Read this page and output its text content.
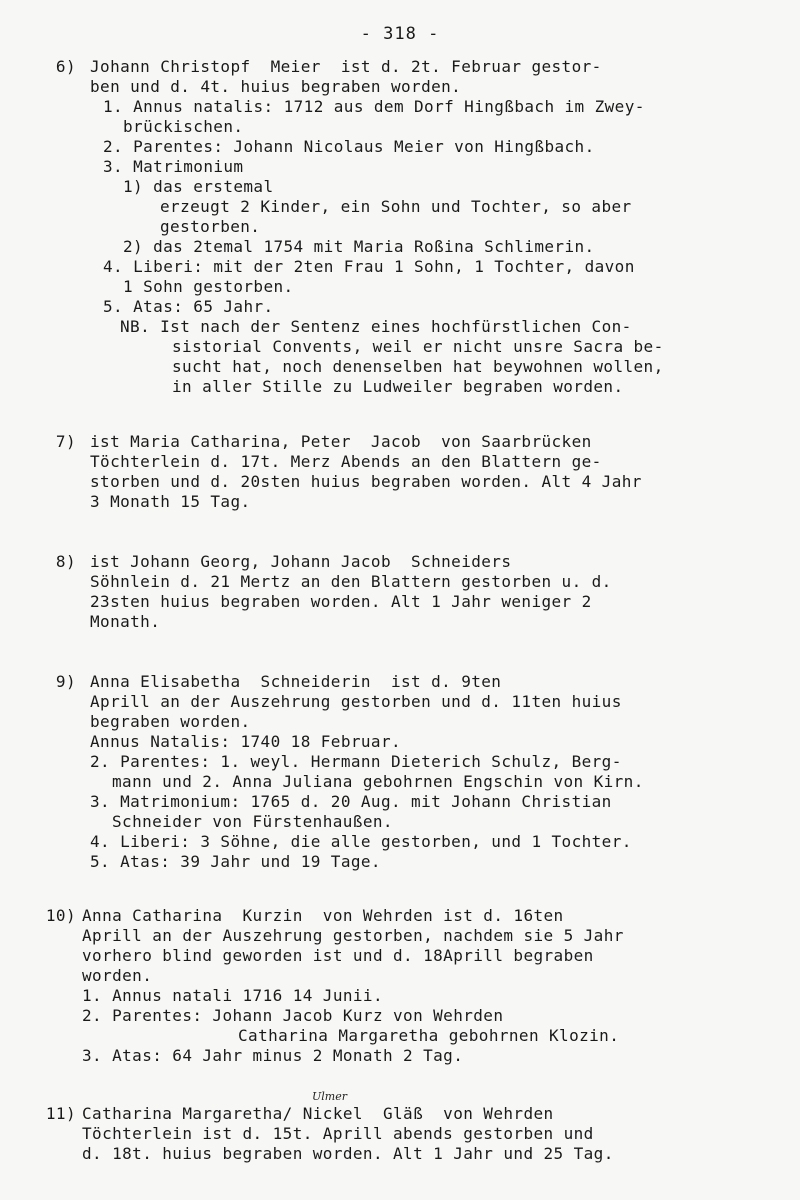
- 318 -
6) Johann Christopf  Meier  ist d. 2t. Februar gestor-
ben und d. 4t. huius begraben worden.
1. Annus natalis: 1712 aus dem Dorf Hingßbach im Zwey-
brückischen.
2. Parentes: Johann Nicolaus Meier von Hingßbach.
3. Matrimonium
1) das erstemal
erzeugt 2 Kinder, ein Sohn und Tochter, so aber
gestorben.
2) das 2temal 1754 mit Maria Roßina Schlimerin.
4. Liberi: mit der 2ten Frau 1 Sohn, 1 Tochter, davon
1 Sohn gestorben.
5. Atas: 65 Jahr.
NB. Ist nach der Sentenz eines hochfürstlichen Con-
sistorial Convents, weil er nicht unsre Sacra be-
sucht hat, noch denenselben hat beywohnen wollen,
in aller Stille zu Ludweiler begraben worden.
7) ist Maria Catharina, Peter  Jacob  von Saarbrücken
Töchterlein d. 17t. Merz Abends an den Blattern ge-
storben und d. 20sten huius begraben worden. Alt 4 Jahr
3 Monath 15 Tag.
8) ist Johann Georg, Johann Jacob  Schneiders
Söhnlein d. 21 Mertz an den Blattern gestorben u. d.
23sten huius begraben worden. Alt 1 Jahr weniger 2
Monath.
9) Anna Elisabetha  Schneiderin  ist d. 9ten
Aprill an der Auszehrung gestorben und d. 11ten huius
begraben worden.
Annus Natalis: 1740 18 Februar.
2. Parentes: 1. weyl. Hermann Dieterich Schulz, Berg-
mann und 2. Anna Juliana gebohrnen Engschin von Kirn.
3. Matrimonium: 1765 d. 20 Aug. mit Johann Christian
Schneider von Fürstenhaußen.
4. Liberi: 3 Söhne, die alle gestorben, und 1 Tochter.
5. Atas: 39 Jahr und 19 Tage.
10) Anna Catharina  Kurzin  von Wehrden ist d. 16ten
Aprill an der Auszehrung gestorben, nachdem sie 5 Jahr
vorhero blind geworden ist und d. 18Aprill begraben
worden.
1. Annus natali 1716 14 Junii.
2. Parentes: Johann Jacob Kurz von Wehrden
Catharina Margaretha gebohrnen Klozin.
3. Atas: 64 Jahr minus 2 Monath 2 Tag.
Ulmer
11) Catharina Margaretha/ Nickel  Gläß  von Wehrden
Töchterlein ist d. 15t. Aprill abends gestorben und
d. 18t. huius begraben worden. Alt 1 Jahr und 25 Tag.
